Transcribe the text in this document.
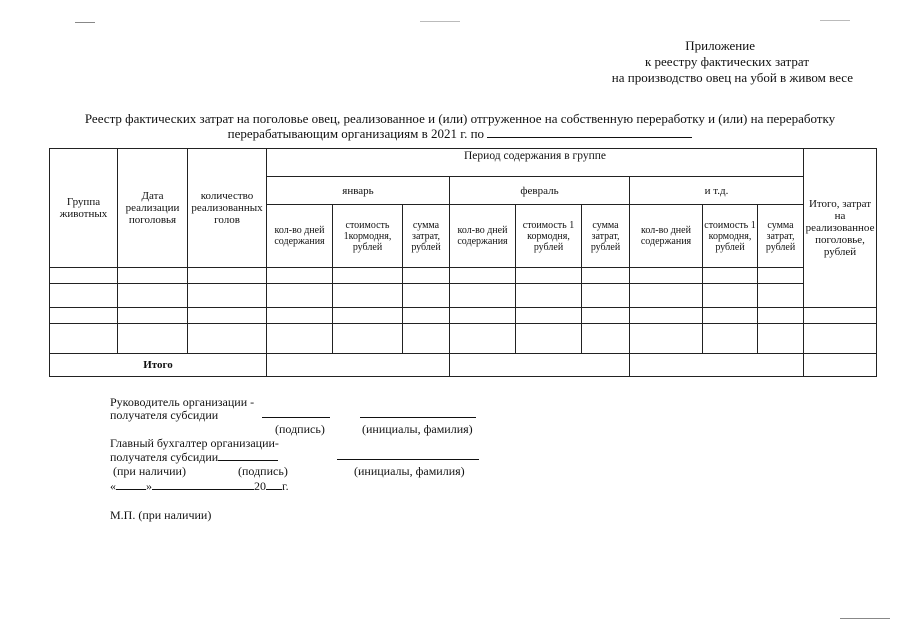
Приложение
к реестру фактических затрат
на производство овец на убой в живом весе
Реестр фактических затрат на поголовье овец, реализованное и (или) отгруженное на собственную переработку и (или) на переработку
перерабатывающим организациям в 2021 г. по
Группа животных	Дата реализации поголовья	количество реализованных голов	Период содержания в группе									Итого, затрат на реализованное поголовье, рублей
			январь			февраль			и т.д.			
			кол-во дней содержания	стоимость 1кормодня, рублей	сумма затрат, рублей	кол-во дней содержания	стоимость 1 кормодня, рублей	сумма затрат, рублей	кол-во дней содержания	стоимость 1 кормодня, рублей	сумма затрат, рублей	

Итого												
Руководитель организации -
получателя субсидии
(подпись)	(инициалы, фамилия)
Главный бухгалтер организации-
получателя субсидии
(при наличии)	(подпись)	(инициалы, фамилия)
«	»	20 г.
М.П. (при наличии)
